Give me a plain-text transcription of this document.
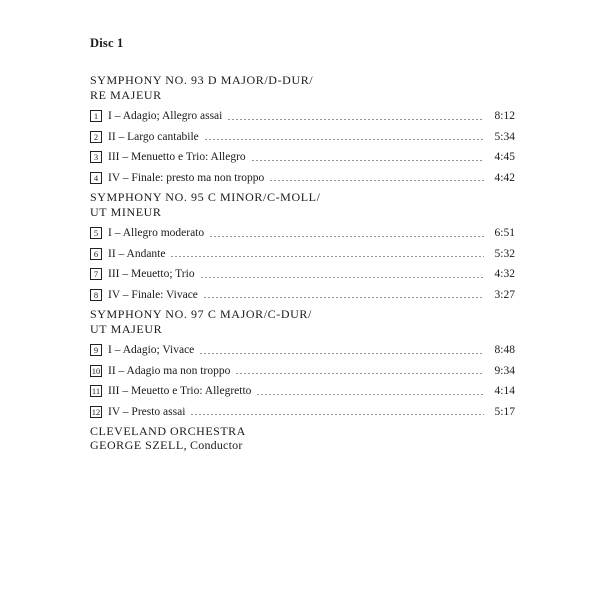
Disc 1
SYMPHONY NO. 93 D MAJOR/D-DUR/
RE MAJEUR
1 I – Adagio; Allegro assai	8:12
2 II – Largo cantabile	5:34
3 III – Menuetto e Trio: Allegro	4:45
4 IV – Finale: presto ma non troppo	4:42
SYMPHONY NO. 95 C MINOR/C-MOLL/
UT MINEUR
5 I – Allegro moderato	6:51
6 II – Andante	5:32
7 III – Meuetto; Trio	4:32
8 IV – Finale: Vivace	3:27
SYMPHONY NO. 97 C MAJOR/C-DUR/
UT MAJEUR
9 I – Adagio; Vivace	8:48
10 II – Adagio ma non troppo	9:34
11 III – Meuetto e Trio: Allegretto	4:14
12 IV – Presto assai	5:17
CLEVELAND ORCHESTRA
GEORGE SZELL, Conductor
